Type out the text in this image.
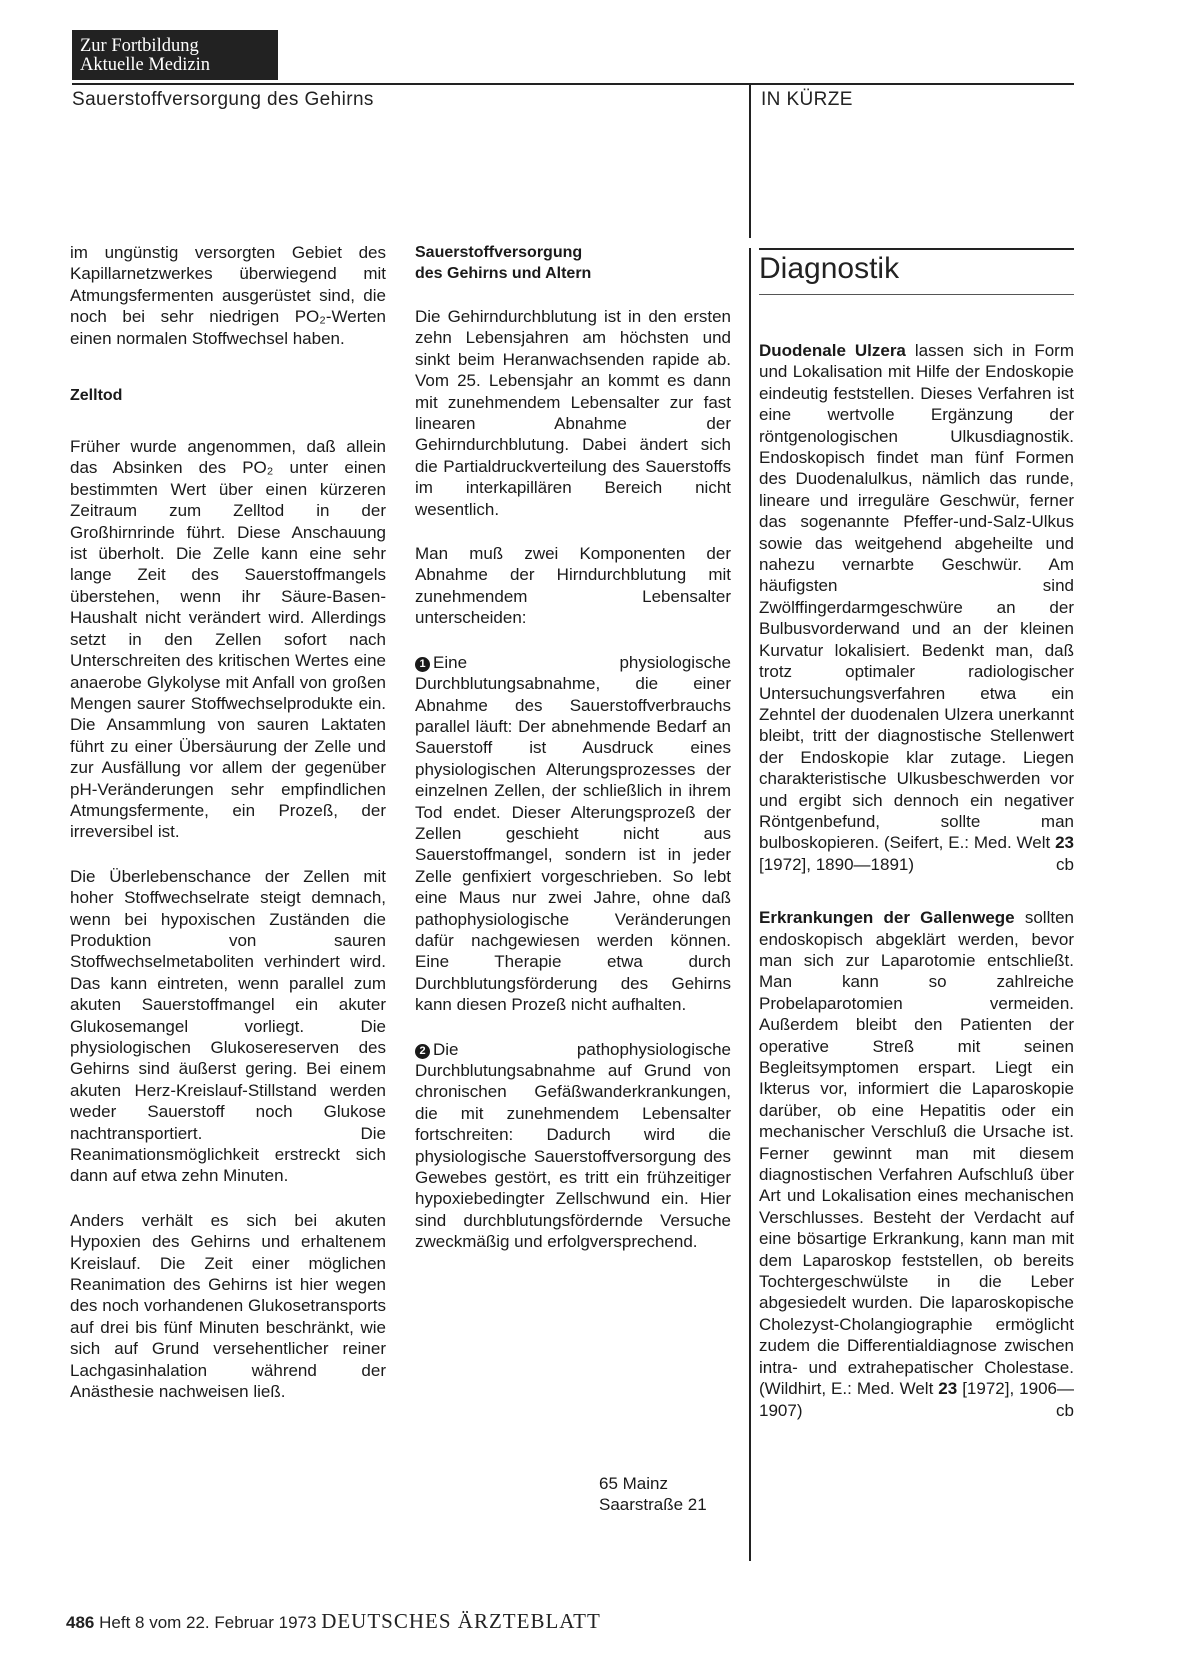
Zur Fortbildung
Aktuelle Medizin
Sauerstoffversorgung des Gehirns	IN KÜRZE

im ungünstig versorgten Gebiet des Kapillarnetzwerkes überwiegend mit Atmungsfermenten ausgerüstet sind, die noch bei sehr niedrigen PO₂-Werten einen normalen Stoffwechsel haben.

Zelltod

Früher wurde angenommen, daß allein das Absinken des PO₂ unter einen bestimmten Wert über einen kürzeren Zeitraum zum Zelltod in der Großhirnrinde führt. Diese Anschauung ist überholt. Die Zelle kann eine sehr lange Zeit des Sauerstoffmangels überstehen, wenn ihr Säure-Basen-Haushalt nicht verändert wird. Allerdings setzt in den Zellen sofort nach Unterschreiten des kritischen Wertes eine anaerobe Glykolyse mit Anfall von großen Mengen saurer Stoffwechselprodukte ein. Die Ansammlung von sauren Laktaten führt zu einer Übersäurung der Zelle und zur Ausfällung vor allem der gegenüber pH-Veränderungen sehr empfindlichen Atmungsfermente, ein Prozeß, der irreversibel ist.

Die Überlebenschance der Zellen mit hoher Stoffwechselrate steigt demnach, wenn bei hypoxischen Zuständen die Produktion von sauren Stoffwechselmetaboliten verhindert wird. Das kann eintreten, wenn parallel zum akuten Sauerstoffmangel ein akuter Glukosemangel vorliegt. Die physiologischen Glukosereserven des Gehirns sind äußerst gering. Bei einem akuten Herz-Kreislauf-Stillstand werden weder Sauerstoff noch Glukose nachtransportiert. Die Reanimationsmöglichkeit erstreckt sich dann auf etwa zehn Minuten.

Anders verhält es sich bei akuten Hypoxien des Gehirns und erhaltenem Kreislauf. Die Zeit einer möglichen Reanimation des Gehirns ist hier wegen des noch vorhandenen Glukosetransports auf drei bis fünf Minuten beschränkt, wie sich auf Grund versehentlicher reiner Lachgasinhalation während der Anästhesie nachweisen ließ.

Sauerstoffversorgung
des Gehirns und Altern

Die Gehirndurchblutung ist in den ersten zehn Lebensjahren am höchsten und sinkt beim Heranwachsenden rapide ab. Vom 25. Lebensjahr an kommt es dann mit zunehmendem Lebensalter zur fast linearen Abnahme der Gehirndurchblutung. Dabei ändert sich die Partialdruckverteilung des Sauerstoffs im interkapillären Bereich nicht wesentlich.

Man muß zwei Komponenten der Abnahme der Hirndurchblutung mit zunehmendem Lebensalter unterscheiden:

1 Eine physiologische Durchblutungsabnahme, die einer Abnahme des Sauerstoffverbrauchs parallel läuft: Der abnehmende Bedarf an Sauerstoff ist Ausdruck eines physiologischen Alterungsprozesses der einzelnen Zellen, der schließlich in ihrem Tod endet. Dieser Alterungsprozeß der Zellen geschieht nicht aus Sauerstoffmangel, sondern ist in jeder Zelle genfixiert vorgeschrieben. So lebt eine Maus nur zwei Jahre, ohne daß pathophysiologische Veränderungen dafür nachgewiesen werden können. Eine Therapie etwa durch Durchblutungsförderung des Gehirns kann diesen Prozeß nicht aufhalten.

2 Die pathophysiologische Durchblutungsabnahme auf Grund von chronischen Gefäßwanderkrankungen, die mit zunehmendem Lebensalter fortschreiten: Dadurch wird die physiologische Sauerstoffversorgung des Gewebes gestört, es tritt ein frühzeitiger hypoxiebedingter Zellschwund ein. Hier sind durchblutungsfördernde Versuche zweckmäßig und erfolgversprechend.

65 Mainz
Saarstraße 21
Diagnostik

Duodenale Ulzera lassen sich in Form und Lokalisation mit Hilfe der Endoskopie eindeutig feststellen. Dieses Verfahren ist eine wertvolle Ergänzung der röntgenologischen Ulkusdiagnostik. Endoskopisch findet man fünf Formen des Duodenalulkus, nämlich das runde, lineare und irreguläre Geschwür, ferner das sogenannte Pfeffer-und-Salz-Ulkus sowie das weitgehend abgeheilte und nahezu vernarbte Geschwür. Am häufigsten sind Zwölffingerdarmgeschwüre an der Bulbusvorderwand und an der kleinen Kurvatur lokalisiert. Bedenkt man, daß trotz optimaler radiologischer Untersuchungsverfahren etwa ein Zehntel der duodenalen Ulzera unerkannt bleibt, tritt der diagnostische Stellenwert der Endoskopie klar zutage. Liegen charakteristische Ulkusbeschwerden vor und ergibt sich dennoch ein negativer Röntgenbefund, sollte man bulboskopieren. (Seifert, E.: Med. Welt 23 [1972], 1890—1891)	cb

Erkrankungen der Gallenwege sollten endoskopisch abgeklärt werden, bevor man sich zur Laparotomie entschließt. Man kann so zahlreiche Probelaparotomien vermeiden. Außerdem bleibt den Patienten der operative Streß mit seinen Begleitsymptomen erspart. Liegt ein Ikterus vor, informiert die Laparoskopie darüber, ob eine Hepatitis oder ein mechanischer Verschluß die Ursache ist. Ferner gewinnt man mit diesem diagnostischen Verfahren Aufschluß über Art und Lokalisation eines mechanischen Verschlusses. Besteht der Verdacht auf eine bösartige Erkrankung, kann man mit dem Laparoskop feststellen, ob bereits Tochtergeschwülste in die Leber abgesiedelt wurden. Die laparoskopische Cholezyst-Cholangiographie ermöglicht zudem die Differentialdiagnose zwischen intra- und extrahepatischer Cholestase. (Wildhirt, E.: Med. Welt 23 [1972], 1906—1907)	cb

486 Heft 8 vom 22. Februar 1973 DEUTSCHES ÄRZTEBLATT
